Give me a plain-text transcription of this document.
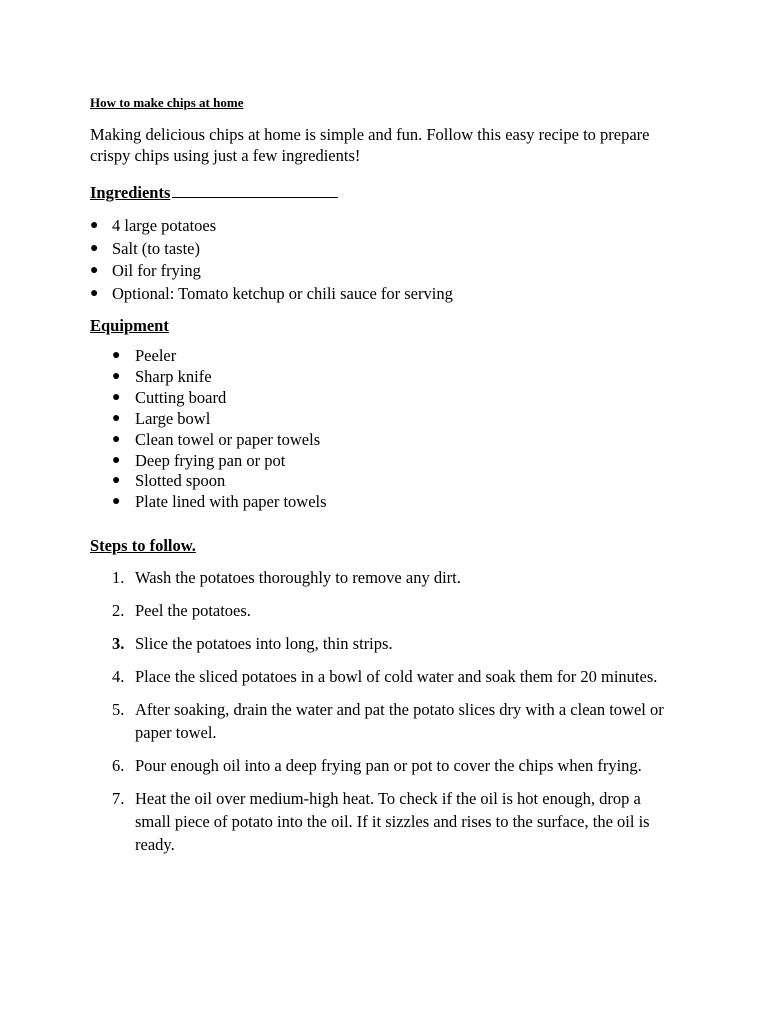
How to make chips at home

Making delicious chips at home is simple and fun. Follow this easy recipe to prepare crispy chips using just a few ingredients!

Ingredients
● 4 large potatoes
● Salt (to taste)
● Oil for frying
● Optional: Tomato ketchup or chili sauce for serving
Equipment
● Peeler
● Sharp knife
● Cutting board
● Large bowl
● Clean towel or paper towels
● Deep frying pan or pot
● Slotted spoon
● Plate lined with paper towels
Steps to follow.
1. Wash the potatoes thoroughly to remove any dirt.
2. Peel the potatoes.
3. Slice the potatoes into long, thin strips.
4. Place the sliced potatoes in a bowl of cold water and soak them for 20 minutes.
5. After soaking, drain the water and pat the potato slices dry with a clean towel or paper towel.
6. Pour enough oil into a deep frying pan or pot to cover the chips when frying.
7. Heat the oil over medium-high heat. To check if the oil is hot enough, drop a small piece of potato into the oil. If it sizzles and rises to the surface, the oil is ready.
